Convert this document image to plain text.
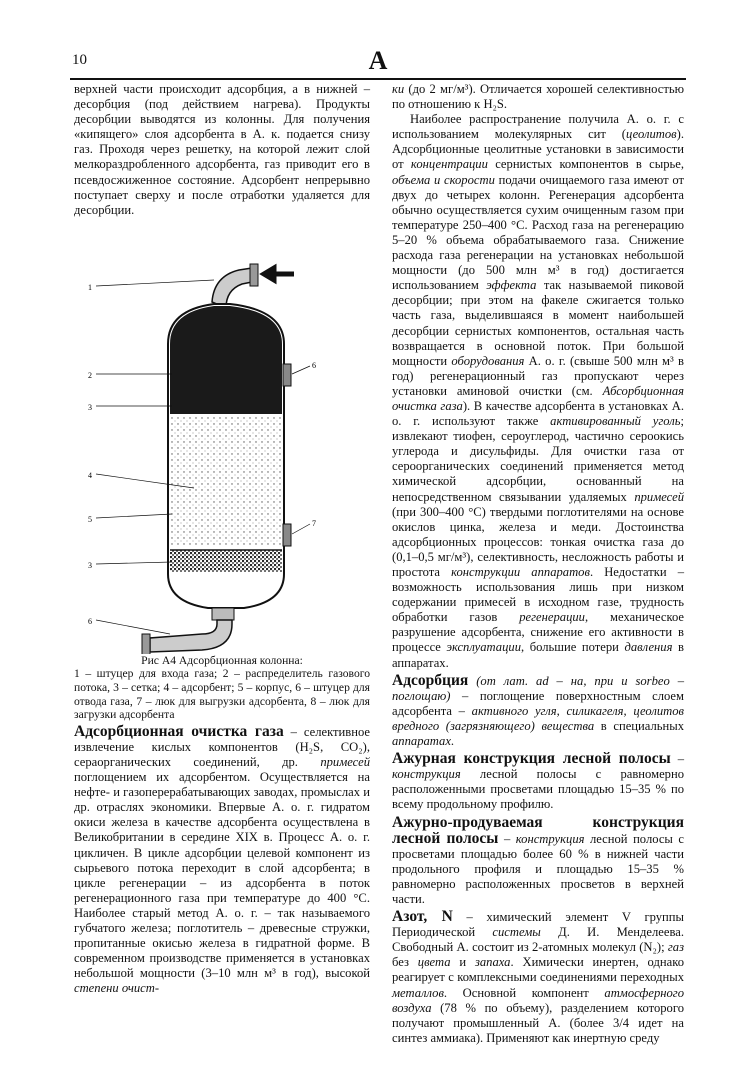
10	А

верхней части происходит адсорбция, а в нижней – десорбция (под действием нагрева). Продукты десорбции выводятся из колонны. Для получения «кипящего» слоя адсорбента в А. к. подается снизу газ. Проходя через решетку, на которой лежит слой мелкораздробленного адсорбента, газ приводит его в псевдосжиженное состояние. Адсорбент непрерывно поступает сверху и после отработки удаляется для десорбции.

1
2
3
4
5
6
7
3
6
Рис А4 Адсорбционная колонна:
1 – штуцер для входа газа; 2 – распределитель газового потока, 3 – сетка; 4 – адсорбент; 5 – корпус, 6 – штуцер для отвода газа, 7 – люк для выгрузки адсорбента, 8 – люк для загрузки адсорбента

Адсорбционная очистка газа – селективное извлечение кислых компонентов (H₂S, CO₂), сераорганических соединений, др. примесей поглощением их адсорбентом. Осуществляется на нефте- и газоперерабатывающих заводах, промыслах и др. отраслях экономики. Впервые А. о. г. гидратом окиси железа в качестве адсорбента осуществлена в Великобритании в середине XIX в. Процесс А. о. г. цикличен. В цикле адсорбции целевой компонент из сырьевого потока переходит в слой адсорбента; в цикле регенерации – из адсорбента в поток регенерационного газа при температуре до 400 °С. Наиболее старый метод А. о. г. – так называемого губчатого железа; поглотитель – древесные стружки, пропитанные окисью железа в гидратной форме. В современном производстве применяется в установках небольшой мощности (3–10 млн м³ в год), высокой степени очист-

ки (до 2 мг/м³). Отличается хорошей селективностью по отношению к H₂S.

Наиболее распространение получила А. о. г. с использованием молекулярных сит (цеолитов). Адсорбционные цеолитные установки в зависимости от концентрации сернистых компонентов в сырье, объема и скорости подачи очищаемого газа имеют от двух до четырех колонн. Регенерация адсорбента обычно осуществляется сухим очищенным газом при температуре 250–400 °С. Расход газа на регенерацию 5–20 % объема обрабатываемого газа. Снижение расхода газа регенерации на установках небольшой мощности (до 500 млн м³ в год) достигается использованием эффекта так называемой пиковой десорбции; при этом на факеле сжигается только часть газа, выделившаяся в момент наибольшей десорбции сернистых компонентов, остальная часть возвращается в основной поток. При большой мощности оборудования А. о. г. (свыше 500 млн м³ в год) регенерационный газ пропускают через установки аминовой очистки (см. Абсорбционная очистка газа). В качестве адсорбента в установках А. о. г. используют также активированный уголь; извлекают тиофен, сероуглерод, частично сероокись углерода и дисульфиды. Для очистки газа от сероорганических соединений применяется метод химической адсорбции, основанный на непосредственном связывании удаляемых примесей (при 300–400 °С) твердыми поглотителями на основе окислов цинка, железа и меди. Достоинства адсорбционных процессов: тонкая очистка газа до (0,1–0,5 мг/м³), селективность, несложность работы и простота конструкции аппаратов. Недостатки – возможность использования лишь при низком содержании примесей в исходном газе, трудность обработки газов регенерации, механическое разрушение адсорбента, снижение его активности в процессе эксплуатации, большие потери давления в аппаратах.

Адсорбция (от лат. ad – на, при и sorbeo – поглощаю) – поглощение поверхностным слоем адсорбента – активного угля, силикагеля, цеолитов вредного (загрязняющего) вещества в специальных аппаратах.

Ажурная конструкция лесной полосы – конструкция лесной полосы с равномерно расположенными просветами площадью 15–35 % по всему продольному профилю.

Ажурно-продуваемая конструкция лесной полосы – конструкция лесной полосы с просветами площадью более 60 % в нижней части продольного профиля и площадью 15–35 % равномерно расположенных просветов в верхней части.

Азот, N – химический элемент V группы Периодической системы Д. И. Менделеева. Свободный А. состоит из 2-атомных молекул (N₂); газ без цвета и запаха. Химически инертен, однако реагирует с комплексными соединениями переходных металлов. Основной компонент атмосферного воздуха (78 % по объему), разделением которого получают промышленный А. (более 3/4 идет на синтез аммиака). Применяют как инертную среду
